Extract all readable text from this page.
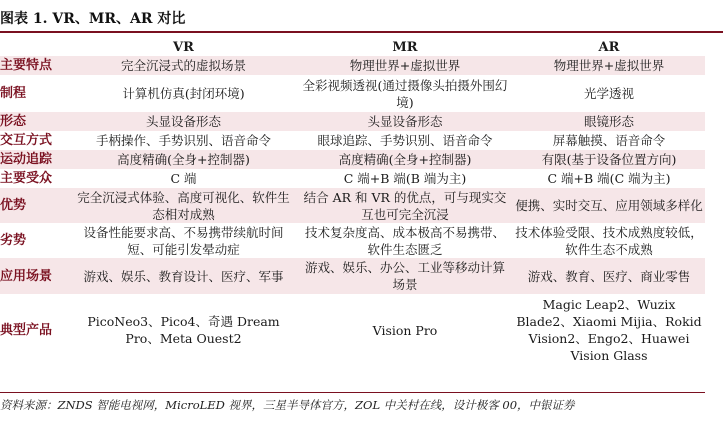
图表 1. VR、MR、AR 对比
	VR	MR	AR
主要特点	完全沉浸式的虚拟场景	物理世界+虚拟世界	物理世界+虚拟世界
制程	计算机仿真(封闭环境)	全彩视频透视(通过摄像头拍摄外围幻境)	光学透视
形态	头显设备形态	头显设备形态	眼镜形态
交互方式	手柄操作、手势识别、语音命令	眼球追踪、手势识别、语音命令	屏幕触摸、语音命令
运动追踪	高度精确(全身+控制器)	高度精确(全身+控制器)	有限(基于设备位置方向)
主要受众	C 端	C 端+B 端(B 端为主)	C 端+B 端(C 端为主)
优势	完全沉浸式体验、高度可视化、软件生态相对成熟	结合 AR 和 VR 的优点，可与现实交互也可完全沉浸	便携、实时交互、应用领域多样化
劣势	设备性能要求高、不易携带续航时间短、可能引发晕动症	技术复杂度高、成本极高不易携带、软件生态匮乏	技术体验受限、技术成熟度较低，软件生态不成熟
应用场景	游戏、娱乐、教育设计、医疗、军事	游戏、娱乐、办公、工业等移动计算场景	游戏、教育、医疗、商业零售
典型产品	PicoNeo3、Pico4、奇遇 Dream Pro、Meta Ouest2	Vision Pro	Magic Leap2、Wuzix Blade2、Xiaomi Mijia、Rokid Vision2、Engo2、Huawei Vision Glass
资料来源：ZNDS 智能电视网，MicroLED 视界，三星半导体官方，ZOL 中关村在线，设计极客 00，中银证券
